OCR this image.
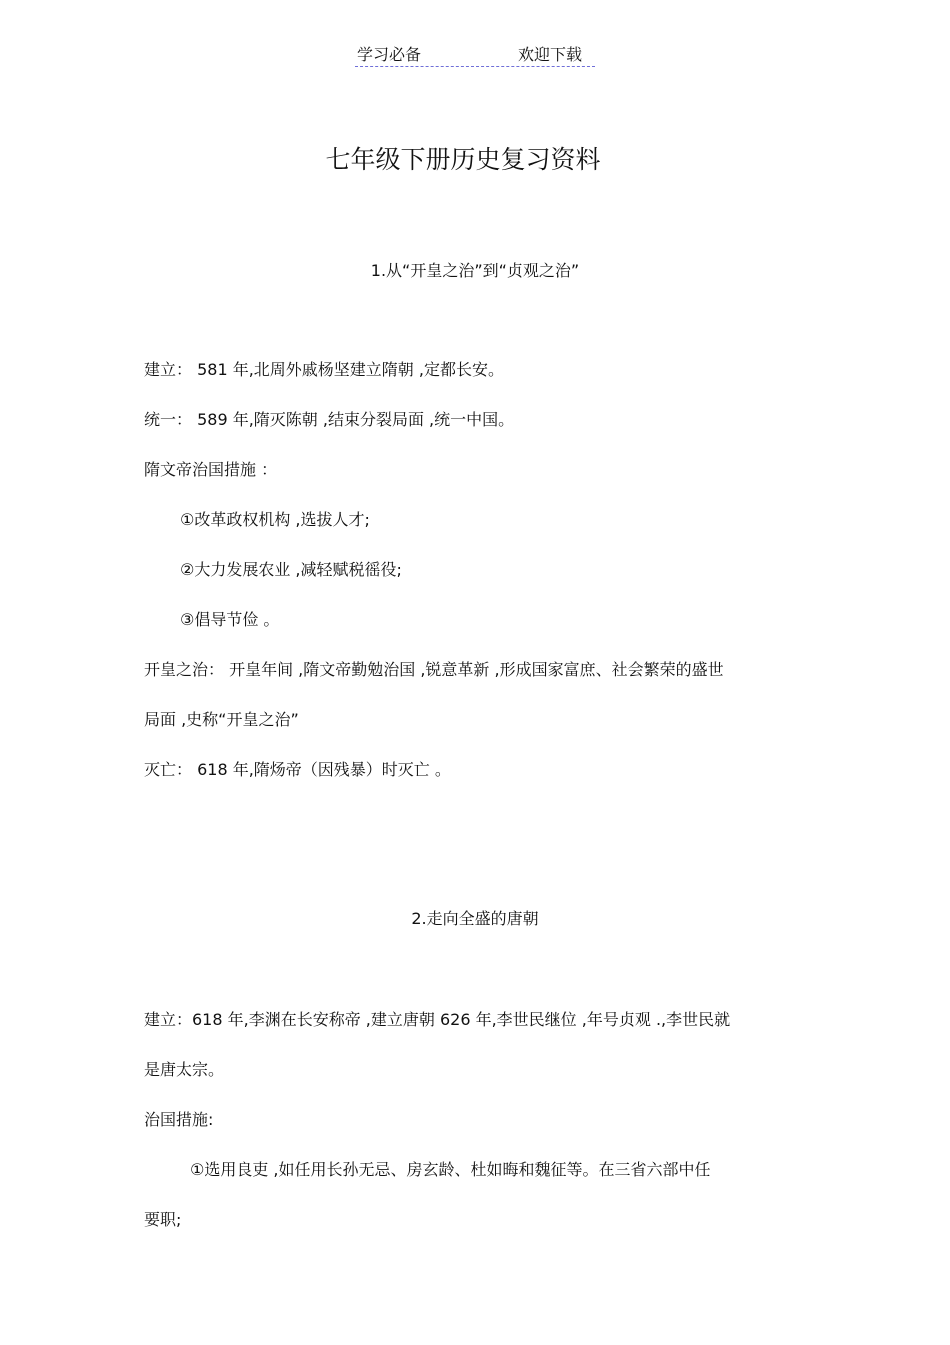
学习必备	欢迎下载
七年级下册历史复习资料
1.从“开皇之治”到“贞观之治”
建立： 581 年,北周外戚杨坚建立隋朝 ,定都长安。
统一： 589 年,隋灭陈朝 ,结束分裂局面 ,统一中国。
隋文帝治国措施 ：
①改革政权机构 ,选拔人才;
②大力发展农业 ,减轻赋税徭役;
③倡导节俭 。
开皇之治： 开皇年间 ,隋文帝勤勉治国 ,锐意革新 ,形成国家富庶、社会繁荣的盛世
局面 ,史称“开皇之治”
灭亡： 618 年,隋炀帝（因残暴）时灭亡 。
2.走向全盛的唐朝
建立：618 年,李渊在长安称帝 ,建立唐朝 626 年,李世民继位 ,年号贞观 .,李世民就
是唐太宗。
治国措施:
①选用良吏 ,如任用长孙无忌、房玄龄、杜如晦和魏征等。在三省六部中任
要职;
